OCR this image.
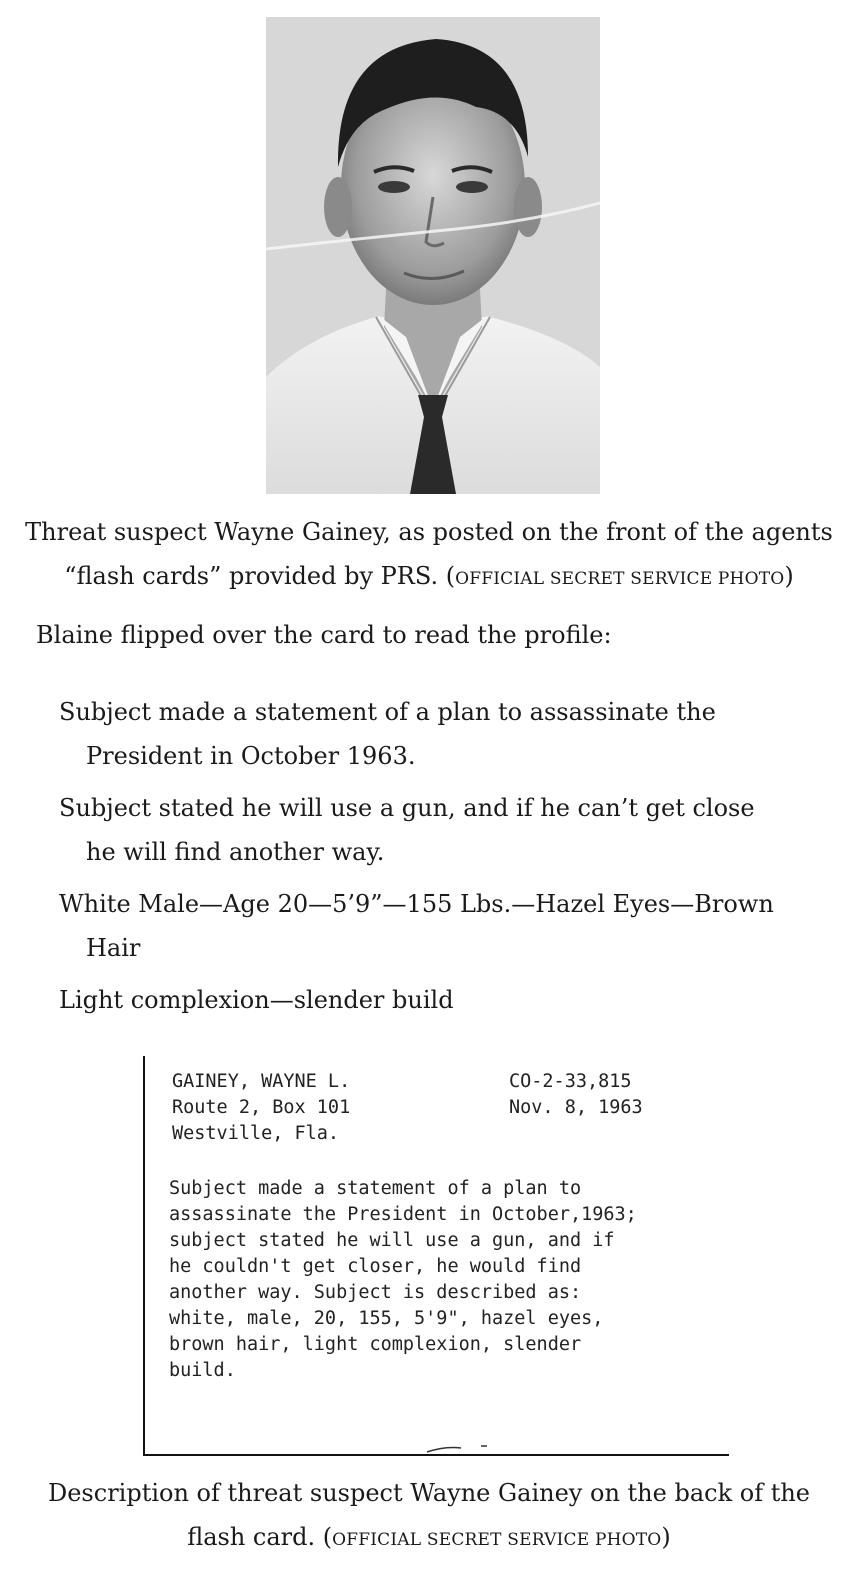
Threat suspect Wayne Gainey, as posted on the front of the agents “flash cards” provided by PRS. (OFFICIAL SECRET SERVICE PHOTO)
Blaine flipped over the card to read the profile:

Subject made a statement of a plan to assassinate the President in October 1963.

Subject stated he will use a gun, and if he can’t get close he will find another way.

White Male—Age 20—5’9”—155 Lbs.—Hazel Eyes—Brown Hair

Light complexion—slender build

GAINEY, WAYNE L.
Route 2, Box 101
Westville, Fla.
CO-2-33,815
Nov. 8, 1963
Subject made a statement of a plan to
assassinate the President in October,1963;
subject stated he will use a gun, and if
he couldn't get closer, he would find
another way. Subject is described as:
white, male, 20, 155, 5'9", hazel eyes,
brown hair, light complexion, slender
build.
Description of threat suspect Wayne Gainey on the back of the flash card. (OFFICIAL SECRET SERVICE PHOTO)
